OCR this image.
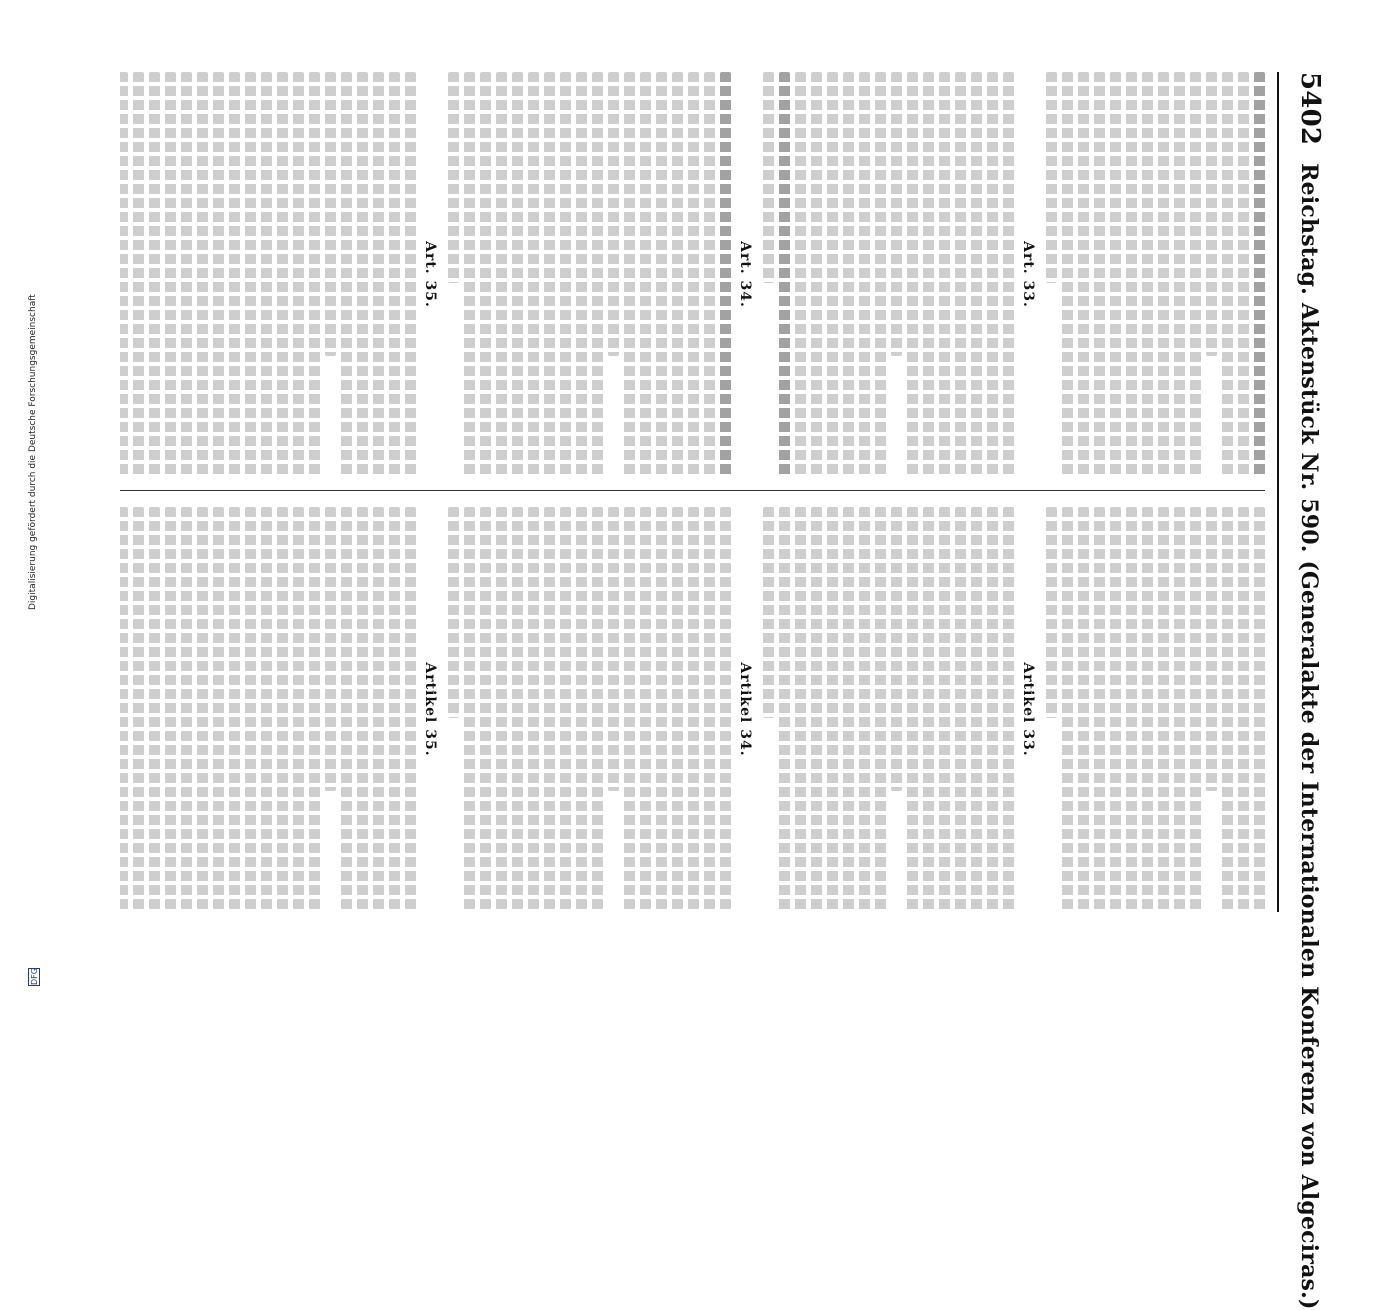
5402
Reichstag. Aktenstück Nr. 590. (Generalakte der Internationalen Konferenz von Algeciras.)
Art. 33.
Art. 34.
Art. 35.
Artikel 33.
Artikel 34.
Artikel 35.
Digitalisierung gefördert durch die Deutsche Forschungsgemeinschaft
DFG
